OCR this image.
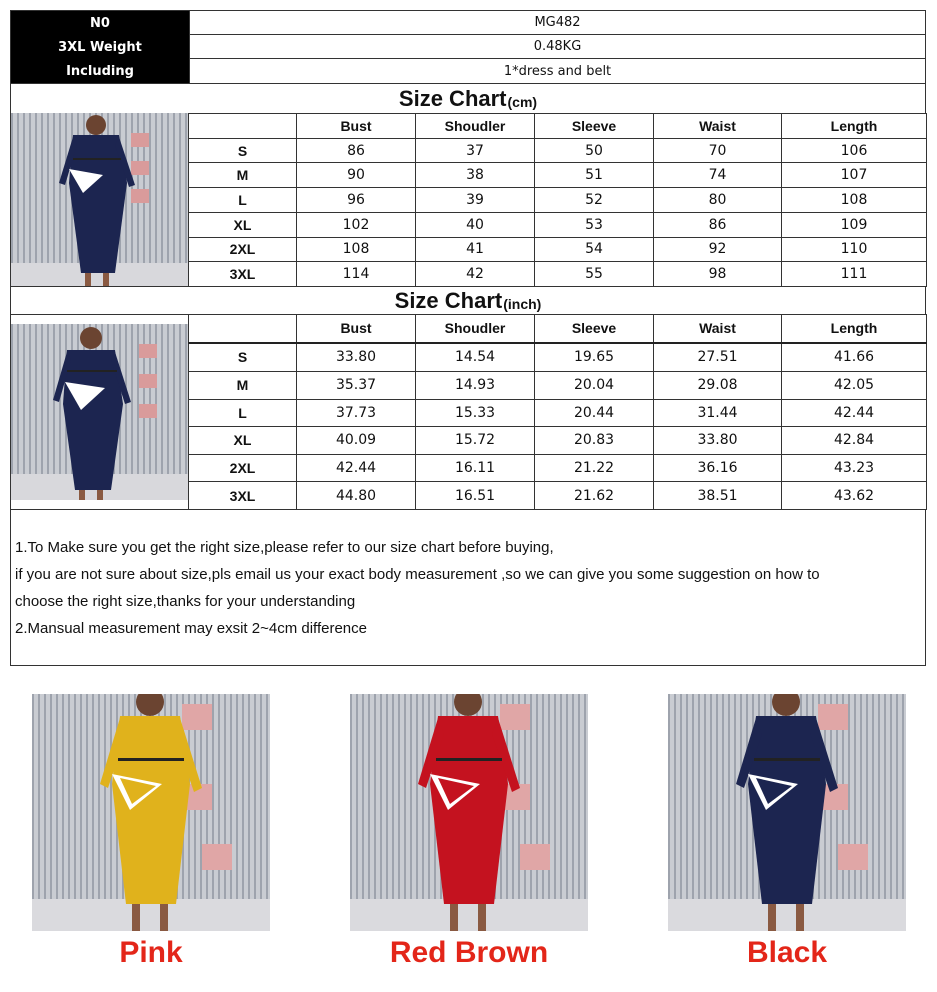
N0	MG482
3XL Weight	0.48KG
Including	1*dress and belt
Size Chart (cm)
	Bust	Shoudler	Sleeve	Waist	Length
S	86	37	50	70	106
M	90	38	51	74	107
L	96	39	52	80	108
XL	102	40	53	86	109
2XL	108	41	54	92	110
3XL	114	42	55	98	111
Size Chart (inch)
	Bust	Shoudler	Sleeve	Waist	Length
S	33.80	14.54	19.65	27.51	41.66
M	35.37	14.93	20.04	29.08	42.05
L	37.73	15.33	20.44	31.44	42.44
XL	40.09	15.72	20.83	33.80	42.84
2XL	42.44	16.11	21.22	36.16	43.23
3XL	44.80	16.51	21.62	38.51	43.62
1.To Make sure you get the right size,please refer to our size chart before buying,
if you are not sure about size,pls email us your exact body measurement ,so we can give you some suggestion on how to
choose the right size,thanks for your understanding
2.Mansual measurement may exsit 2~4cm difference
Pink	Red Brown	Black
